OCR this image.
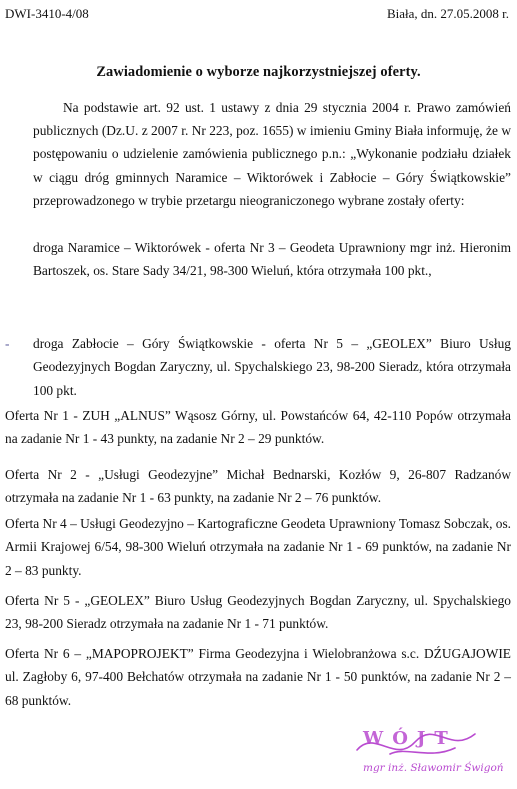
DWI-3410-4/08	Biała, dn. 27.05.2008 r.
Zawiadomienie o wyborze najkorzystniejszej oferty.
Na podstawie art. 92 ust. 1 ustawy z dnia 29 stycznia 2004 r. Prawo zamówień publicznych (Dz.U. z 2007 r. Nr 223, poz. 1655) w imieniu Gminy Biała informuję, że w postępowaniu o udzielenie zamówienia publicznego p.n.: „Wykonanie podziału działek w ciągu dróg gminnych Naramice – Wiktorówek i Zabłocie – Góry Świątkowskie” przeprowadzonego w trybie przetargu nieograniczonego wybrane zostały oferty:
droga Naramice – Wiktorówek - oferta Nr 3 – Geodeta Uprawniony mgr inż. Hieronim Bartoszek, os. Stare Sady 34/21, 98-300 Wieluń, która otrzymała 100 pkt.,
- droga Zabłocie – Góry Świątkowskie - oferta Nr 5 – „GEOLEX” Biuro Usług Geodezyjnych Bogdan Zaryczny, ul. Spychalskiego 23, 98-200 Sieradz, która otrzymała 100 pkt.
Oferta Nr 1 - ZUH „ALNUS” Wąsosz Górny, ul. Powstańców 64, 42-110 Popów otrzymała na zadanie Nr 1 - 43 punkty, na zadanie Nr 2 – 29 punktów.
Oferta Nr 2 - „Usługi Geodezyjne” Michał Bednarski, Kozłów 9, 26-807 Radzanów otrzymała na zadanie Nr 1 - 63 punkty, na zadanie Nr 2 – 76 punktów.
Oferta Nr 4 – Usługi Geodezyjno – Kartograficzne Geodeta Uprawniony Tomasz Sobczak, os. Armii Krajowej 6/54, 98-300 Wieluń otrzymała na zadanie Nr 1 - 69 punktów, na zadanie Nr 2 – 83 punkty.
Oferta Nr 5 - „GEOLEX” Biuro Usług Geodezyjnych Bogdan Zaryczny, ul. Spychalskiego 23, 98-200 Sieradz otrzymała na zadanie Nr 1 - 71 punktów.
Oferta Nr 6 – „MAPOPROJEKT” Firma Geodezyjna i Wielobranżowa s.c. DŹUGAJOWIE ul. Zagłoby 6, 97-400 Bełchatów otrzymała na zadanie Nr 1 - 50 punktów, na zadanie Nr 2 – 68 punktów.
WÓJT
mgr inż. Sławomir Świgoń
